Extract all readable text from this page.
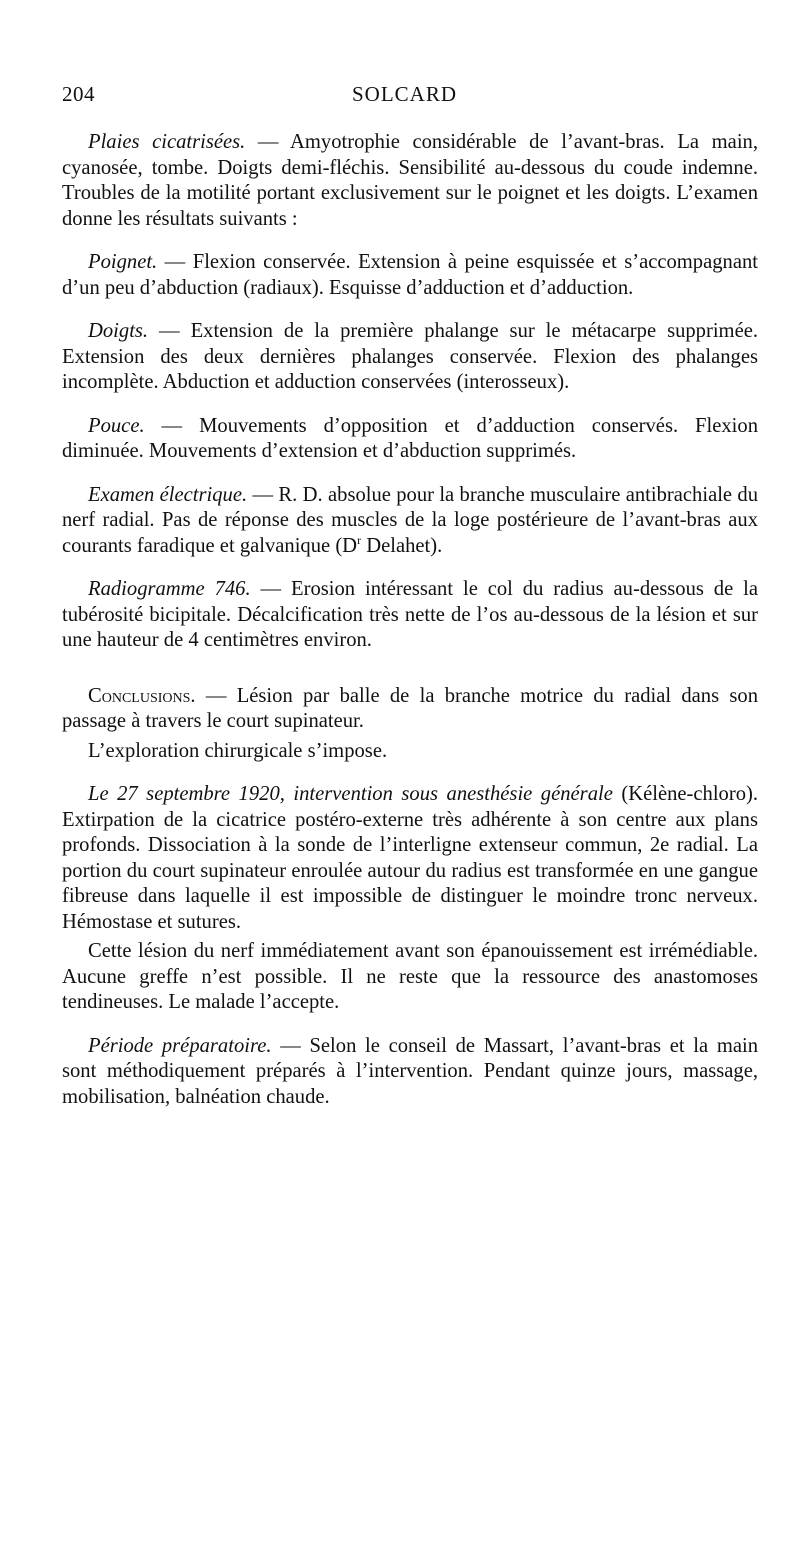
204	SOLCARD

Plaies cicatrisées. — Amyotrophie considérable de l’avant-bras. La main, cyanosée, tombe. Doigts demi-fléchis. Sensibilité au-dessous du coude indemne. Troubles de la motilité portant exclusivement sur le poignet et les doigts. L’examen donne les résultats suivants :

Poignet. — Flexion conservée. Extension à peine esquissée et s’accompagnant d’un peu d’abduction (radiaux). Esquisse d’adduction et d’adduction.

Doigts. — Extension de la première phalange sur le métacarpe supprimée. Extension des deux dernières phalanges conservée. Flexion des phalanges incomplète. Abduction et adduction conservées (interosseux).

Pouce. — Mouvements d’opposition et d’adduction conservés. Flexion diminuée. Mouvements d’extension et d’abduction supprimés.

Examen électrique. — R. D. absolue pour la branche musculaire antibrachiale du nerf radial. Pas de réponse des muscles de la loge postérieure de l’avant-bras aux courants faradique et galvanique ($D^r$ Delahet).

Radiogramme 746. — Erosion intéressant le col du radius au-dessous de la tubérosité bicipitale. Décalcification très nette de l’os au-dessous de la lésion et sur une hauteur de 4 centimètres environ.

Conclusions. — Lésion par balle de la branche motrice du radial dans son passage à travers le court supinateur.

L’exploration chirurgicale s’impose.

Le 27 septembre 1920, intervention sous anesthésie générale (Kélène-chloro). Extirpation de la cicatrice postéro-externe très adhérente à son centre aux plans profonds. Dissociation à la sonde de l’interligne extenseur commun, 2e radial. La portion du court supinateur enroulée autour du radius est transformée en une gangue fibreuse dans laquelle il est impossible de distinguer le moindre tronc nerveux. Hémostase et sutures.

Cette lésion du nerf immédiatement avant son épanouissement est irrémédiable. Aucune greffe n’est possible. Il ne reste que la ressource des anastomoses tendineuses. Le malade l’accepte.

Période préparatoire. — Selon le conseil de Massart, l’avant-bras et la main sont méthodiquement préparés à l’intervention. Pendant quinze jours, massage, mobilisation, balnéation chaude.
